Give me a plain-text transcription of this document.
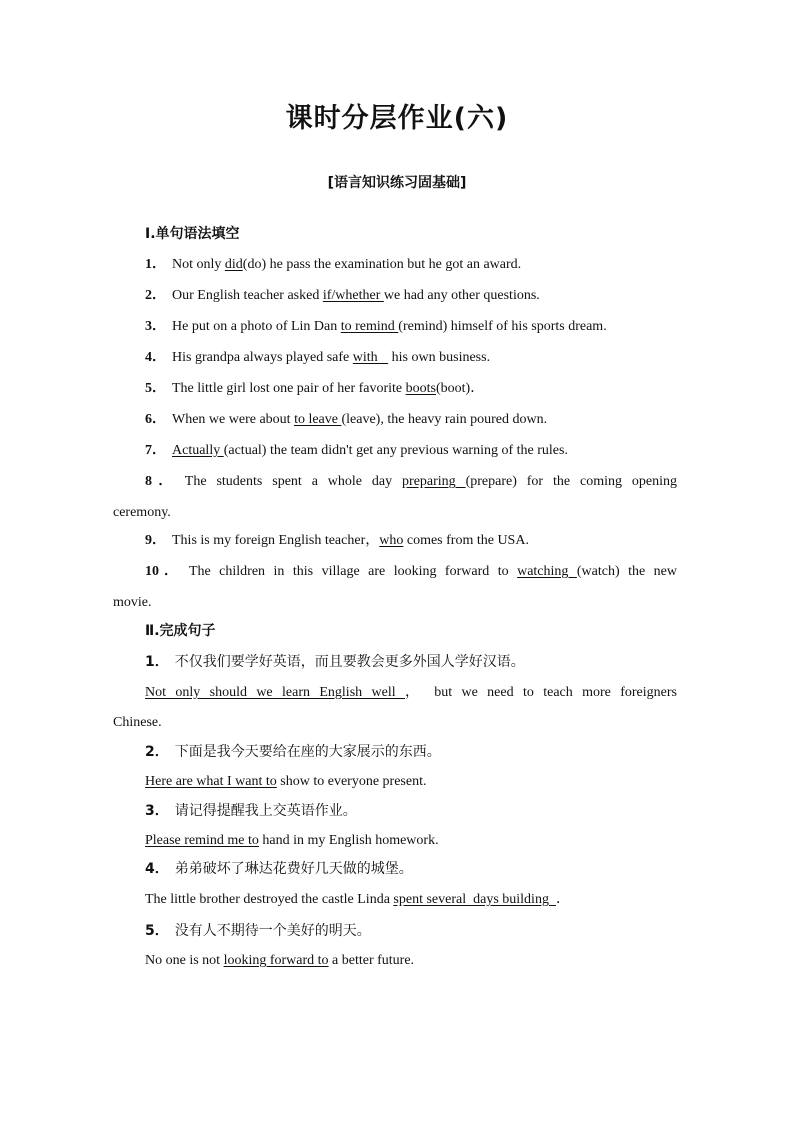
课时分层作业(六)
[语言知识练习固基础]
Ⅰ.单句语法填空
1． Not only did(do) he pass the examination but he got an award.
2． Our English teacher asked if/whether we had any other questions.
3． He put on a photo of Lin Dan to remind (remind) himself of his sports dream.
4． His grandpa always played safe with    his own business.
5． The little girl lost one pair of her favorite boots(boot)．
6． When we were about to leave (leave), the heavy rain poured down.
7． Actually (actual) the team didn't get any previous warning of the rules.
8． The students spent a whole day preparing (prepare) for the coming opening
ceremony.
9． This is my foreign English teacher，who comes from the USA.
10． The children in this village are looking forward to watching (watch) the new
movie.
Ⅱ.完成句子
1． 不仅我们要学好英语，而且要教会更多外国人学好汉语。
Not only should we learn English well ， but we need to teach more foreigners
Chinese.
2． 下面是我今天要给在座的大家展示的东西。
Here are what I want to show to everyone present.
3． 请记得提醒我上交英语作业。
Please remind me to hand in my English homework.
4． 弟弟破坏了琳达花费好几天做的城堡。
The little brother destroyed the castle Linda spent several  days building  ．
5． 没有人不期待一个美好的明天。
No one is not looking forward to a better future.
